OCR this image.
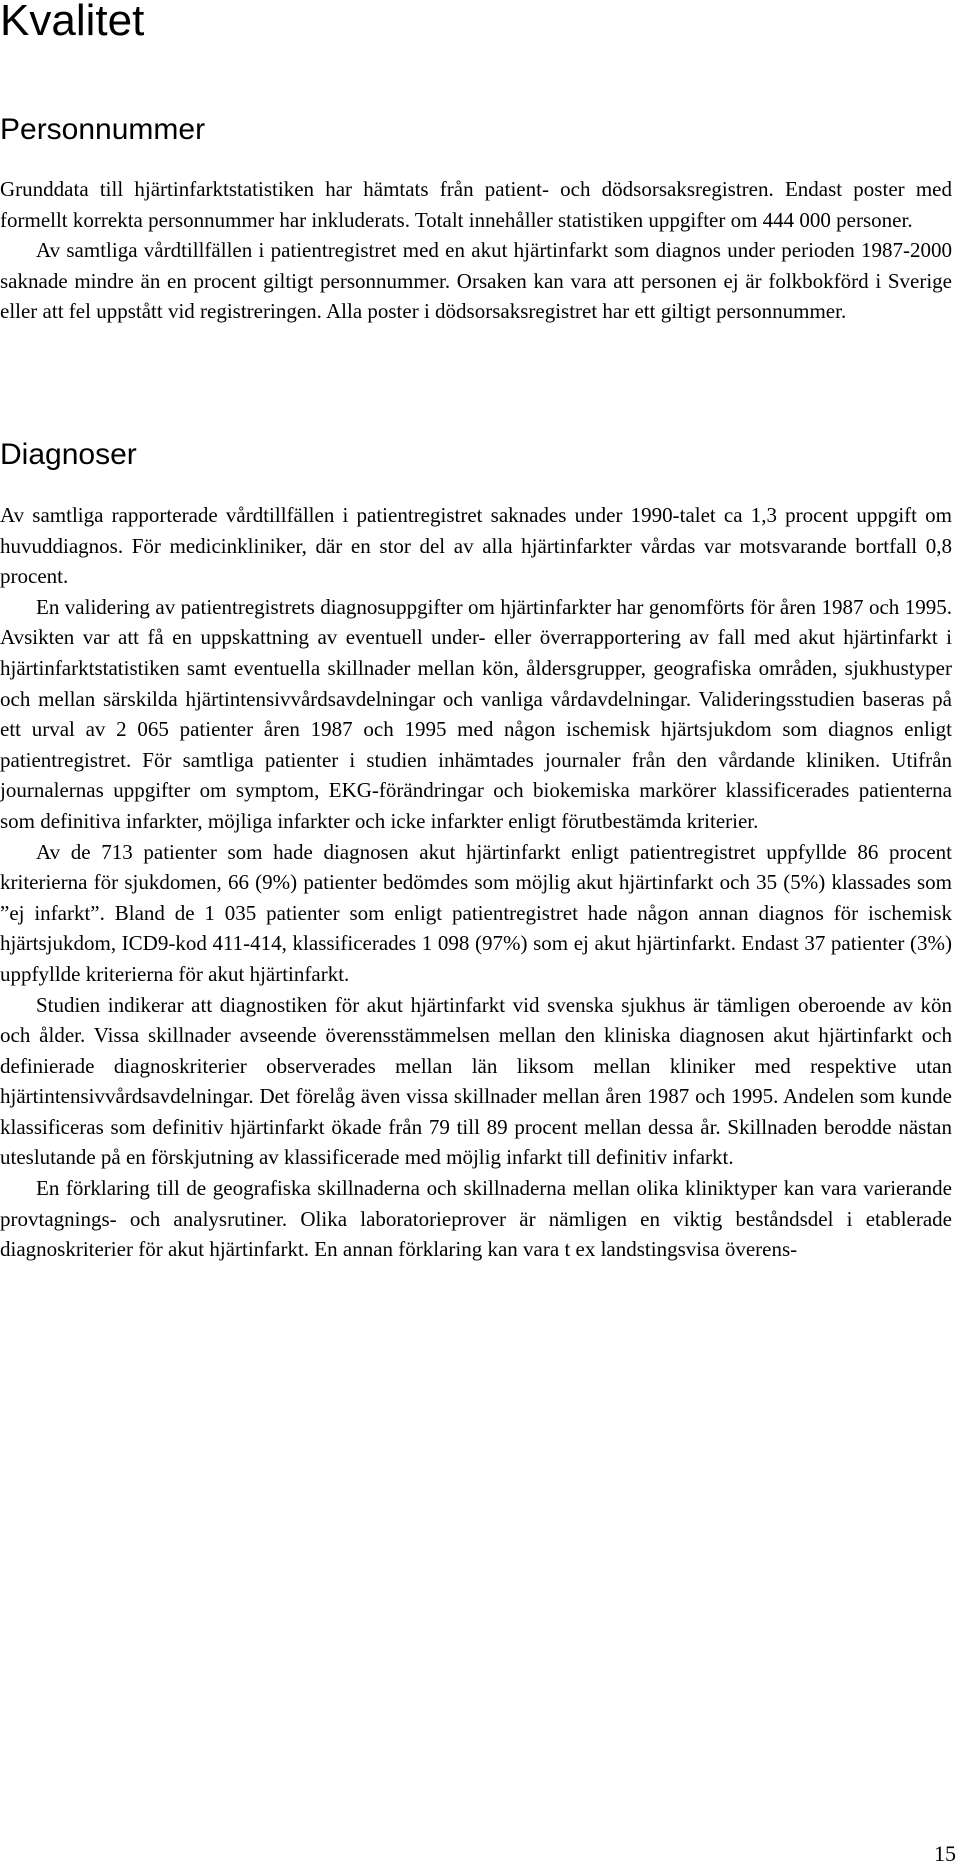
Kvalitet
Personnummer

Grunddata till hjärtinfarktstatistiken har hämtats från patient- och dödsorsaksregistren. Endast poster med formellt korrekta personnummer har inkluderats. Totalt innehåller statistiken uppgifter om 444 000 personer.

Av samtliga vårdtillfällen i patientregistret med en akut hjärtinfarkt som diagnos under perioden 1987-2000 saknade mindre än en procent giltigt personnummer. Orsaken kan vara att personen ej är folkbokförd i Sverige eller att fel uppstått vid registreringen. Alla poster i dödsorsaksregistret har ett giltigt personnummer.

Diagnoser

Av samtliga rapporterade vårdtillfällen i patientregistret saknades under 1990-talet ca 1,3 procent uppgift om huvuddiagnos. För medicinkliniker, där en stor del av alla hjärtinfarkter vårdas var motsvarande bortfall 0,8 procent.

En validering av patientregistrets diagnosuppgifter om hjärtinfarkter har genomförts för åren 1987 och 1995. Avsikten var att få en uppskattning av eventuell under- eller överrapportering av fall med akut hjärtinfarkt i hjärtinfarktstatistiken samt eventuella skillnader mellan kön, åldersgrupper, geografiska områden, sjukhustyper och mellan särskilda hjärtintensivvårdsavdelningar och vanliga vårdavdelningar. Valideringsstudien baseras på ett urval av 2 065 patienter åren 1987 och 1995 med någon ischemisk hjärtsjukdom som diagnos enligt patientregistret. För samtliga patienter i studien inhämtades journaler från den vårdande kliniken. Utifrån journalernas uppgifter om symptom, EKG-förändringar och biokemiska markörer klassificerades patienterna som definitiva infarkter, möjliga infarkter och icke infarkter enligt förutbestämda kriterier.

Av de 713 patienter som hade diagnosen akut hjärtinfarkt enligt patientregistret uppfyllde 86 procent kriterierna för sjukdomen, 66 (9%) patienter bedömdes som möjlig akut hjärtinfarkt och 35 (5%) klassades som ”ej infarkt”. Bland de 1 035 patienter som enligt patientregistret hade någon annan diagnos för ischemisk hjärtsjukdom, ICD9-kod 411-414, klassificerades 1 098 (97%) som ej akut hjärtinfarkt. Endast 37 patienter (3%) uppfyllde kriterierna för akut hjärtinfarkt.

Studien indikerar att diagnostiken för akut hjärtinfarkt vid svenska sjukhus är tämligen oberoende av kön och ålder. Vissa skillnader avseende överensstämmelsen mellan den kliniska diagnosen akut hjärtinfarkt och definierade diagnoskriterier observerades mellan län liksom mellan kliniker med respektive utan hjärtintensivvårdsavdelningar. Det förelåg även vissa skillnader mellan åren 1987 och 1995. Andelen som kunde klassificeras som definitiv hjärtinfarkt ökade från 79 till 89 procent mellan dessa år. Skillnaden berodde nästan uteslutande på en förskjutning av klassificerade med möjlig infarkt till definitiv infarkt.

En förklaring till de geografiska skillnaderna och skillnaderna mellan olika kliniktyper kan vara varierande provtagnings- och analysrutiner. Olika laboratorieprover är nämligen en viktig beståndsdel i etablerade diagnoskriterier för akut hjärtinfarkt. En annan förklaring kan vara t ex landstingsvisa överens-

15
